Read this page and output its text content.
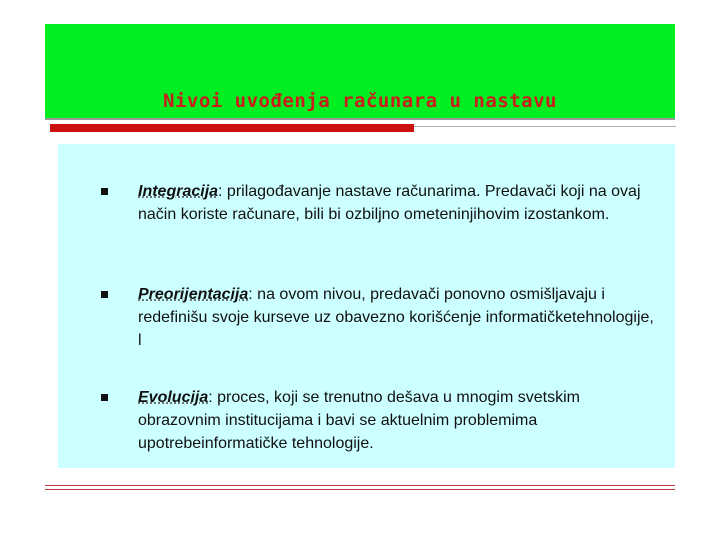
Nivoi uvođenja računara u nastavu
Integracija: prilagođavanje nastave računarima. Predavači koji na ovaj način koriste računare, bili bi ozbiljno ometeninjihovim izostankom.
Preorijentacija: na ovom nivou, predavači ponovno osmišljavaju i redefinišu svoje kurseve uz obavezno korišćenje informatičketehnologije, l
Evolucija: proces, koji se trenutno dešava u mnogim svetskim obrazovnim institucijama i bavi se aktuelnim problemima upotrebeinformatičke tehnologije.
